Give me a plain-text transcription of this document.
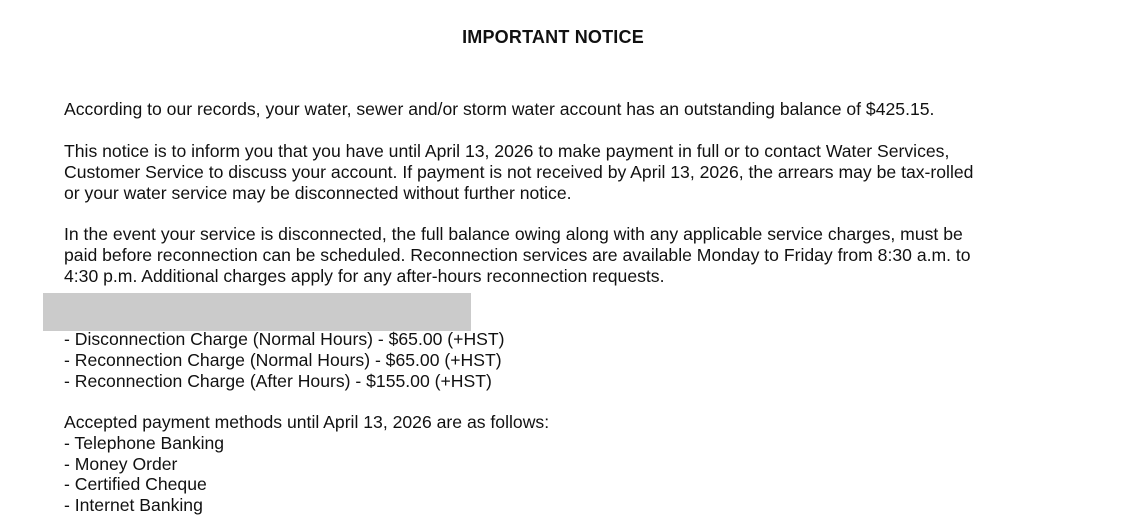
IMPORTANT NOTICE
According to our records, your water, sewer and/or storm water account has an outstanding balance of $425.15.
This notice is to inform you that you have until April 13, 2026 to make payment in full or to contact Water Services,
Customer Service to discuss your account. If payment is not received by April 13, 2026, the arrears may be tax-rolled
or your water service may be disconnected without further notice.
In the event your service is disconnected, the full balance owing along with any applicable service charges, must be
paid before reconnection can be scheduled. Reconnection services are available Monday to Friday from 8:30 a.m. to
4:30 p.m. Additional charges apply for any after-hours reconnection requests.
- Disconnection Charge (Normal Hours) - $65.00 (+HST)
- Reconnection Charge (Normal Hours) - $65.00 (+HST)
- Reconnection Charge (After Hours) - $155.00 (+HST)
Accepted payment methods until April 13, 2026 are as follows:
- Telephone Banking
- Money Order
- Certified Cheque
- Internet Banking
